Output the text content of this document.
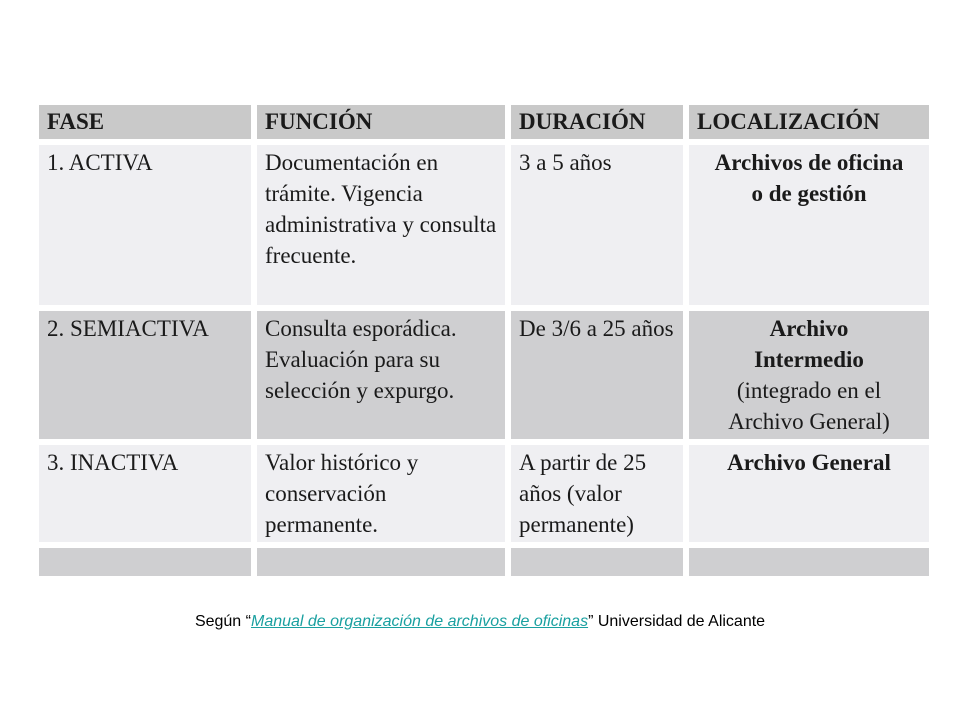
FASE	FUNCIÓN	DURACIÓN	LOCALIZACIÓN
1. ACTIVA	Documentación en trámite. Vigencia administrativa y consulta frecuente.	3 a 5 años	Archivos de oficina o de gestión

2. SEMIACTIVA	Consulta esporádica. Evaluación para su selección y expurgo.	De 3/6 a 25 años	Archivo Intermedio
(integrado en el Archivo General)

3. INACTIVA	Valor histórico y conservación permanente.	A partir de 25 años (valor permanente)	Archivo General

Según “Manual de organización de archivos de oficinas” Universidad de Alicante
